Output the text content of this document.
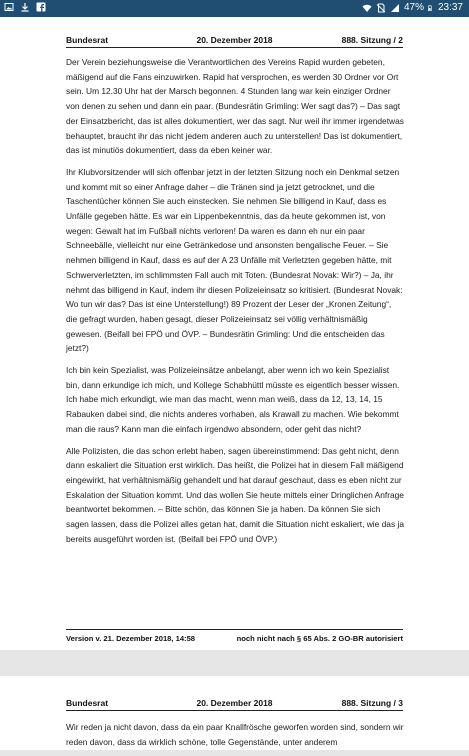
47% 23:37
Bundesrat	20. Dezember 2018	888. Sitzung / 2

Der Verein beziehungsweise die Verantwortlichen des Vereins Rapid wurden gebeten, mäßigend auf die Fans einzuwirken. Rapid hat versprochen, es werden 30 Ordner vor Ort sein. Um 12.30 Uhr hat der Marsch begonnen. 4 Stunden lang war kein einziger Ordner von denen zu sehen und dann ein paar. (Bundesrätin Grimling: Wer sagt das?) – Das sagt der Einsatzbericht, das ist alles dokumentiert, wer das sagt. Nur weil ihr immer irgendetwas behauptet, braucht ihr das nicht jedem anderen auch zu unterstellen! Das ist dokumentiert, das ist minutiös dokumentiert, dass da eben keiner war.

Ihr Klubvorsitzender will sich offenbar jetzt in der letzten Sitzung noch ein Denkmal setzen und kommt mit so einer Anfrage daher – die Tränen sind ja jetzt getrocknet, und die Taschentücher können Sie auch einstecken. Sie nehmen Sie billigend in Kauf, dass es Unfälle gegeben hätte. Es war ein Lippenbekenntnis, das da heute gekommen ist, von wegen: Gewalt hat im Fußball nichts verloren! Da waren es dann eh nur ein paar Schneebälle, vielleicht nur eine Getränkedose und ansonsten bengalische Feuer. – Sie nehmen billigend in Kauf, dass es auf der A 23 Unfälle mit Verletzten gegeben hätte, mit Schwerverletzten, im schlimmsten Fall auch mit Toten. (Bundesrat Novak: Wir?) – Ja, ihr nehmt das billigend in Kauf, indem ihr diesen Polizeieinsatz so kritisiert. (Bundesrat Novak: Wo tun wir das? Das ist eine Unterstellung!) 89 Prozent der Leser der „Kronen Zeitung“, die gefragt wurden, haben gesagt, dieser Polizeieinsatz sei völlig verhältnismäßig gewesen. (Beifall bei FPÖ und ÖVP. – Bundesrätin Grimling: Und die entscheiden das jetzt?)

Ich bin kein Spezialist, was Polizeieinsätze anbelangt, aber wenn ich wo kein Spezialist bin, dann erkundige ich mich, und Kollege Schabhüttl müsste es eigentlich besser wissen. Ich habe mich erkundigt, wie man das macht, wenn man weiß, dass da 12, 13, 14, 15 Rabauken dabei sind, die nichts anderes vorhaben, als Krawall zu machen. Wie bekommt man die raus? Kann man die einfach irgendwo absondern, oder geht das nicht?

Alle Polizisten, die das schon erlebt haben, sagen übereinstimmend: Das geht nicht, denn dann eskaliert die Situation erst wirklich. Das heißt, die Polizei hat in diesem Fall mäßigend eingewirkt, hat verhältnismäßig gehandelt und hat darauf geschaut, dass es eben nicht zur Eskalation der Situation kommt. Und das wollen Sie heute mittels einer Dringlichen Anfrage beantwortet bekommen. – Bitte schön, das können Sie ja haben. Da können Sie sich sagen lassen, dass die Polizei alles getan hat, damit die Situation nicht eskaliert, wie das ja bereits ausgeführt worden ist. (Beifall bei FPÖ und ÖVP.)

Version v. 21. Dezember 2018, 14:58	noch nicht nach § 65 Abs. 2 GO-BR autorisiert
Bundesrat	20. Dezember 2018	888. Sitzung / 3

Wir reden ja nicht davon, dass da ein paar Knallfrösche geworfen worden sind, sondern wir reden davon, dass da wirklich schöne, tolle Gegenstände, unter anderem
